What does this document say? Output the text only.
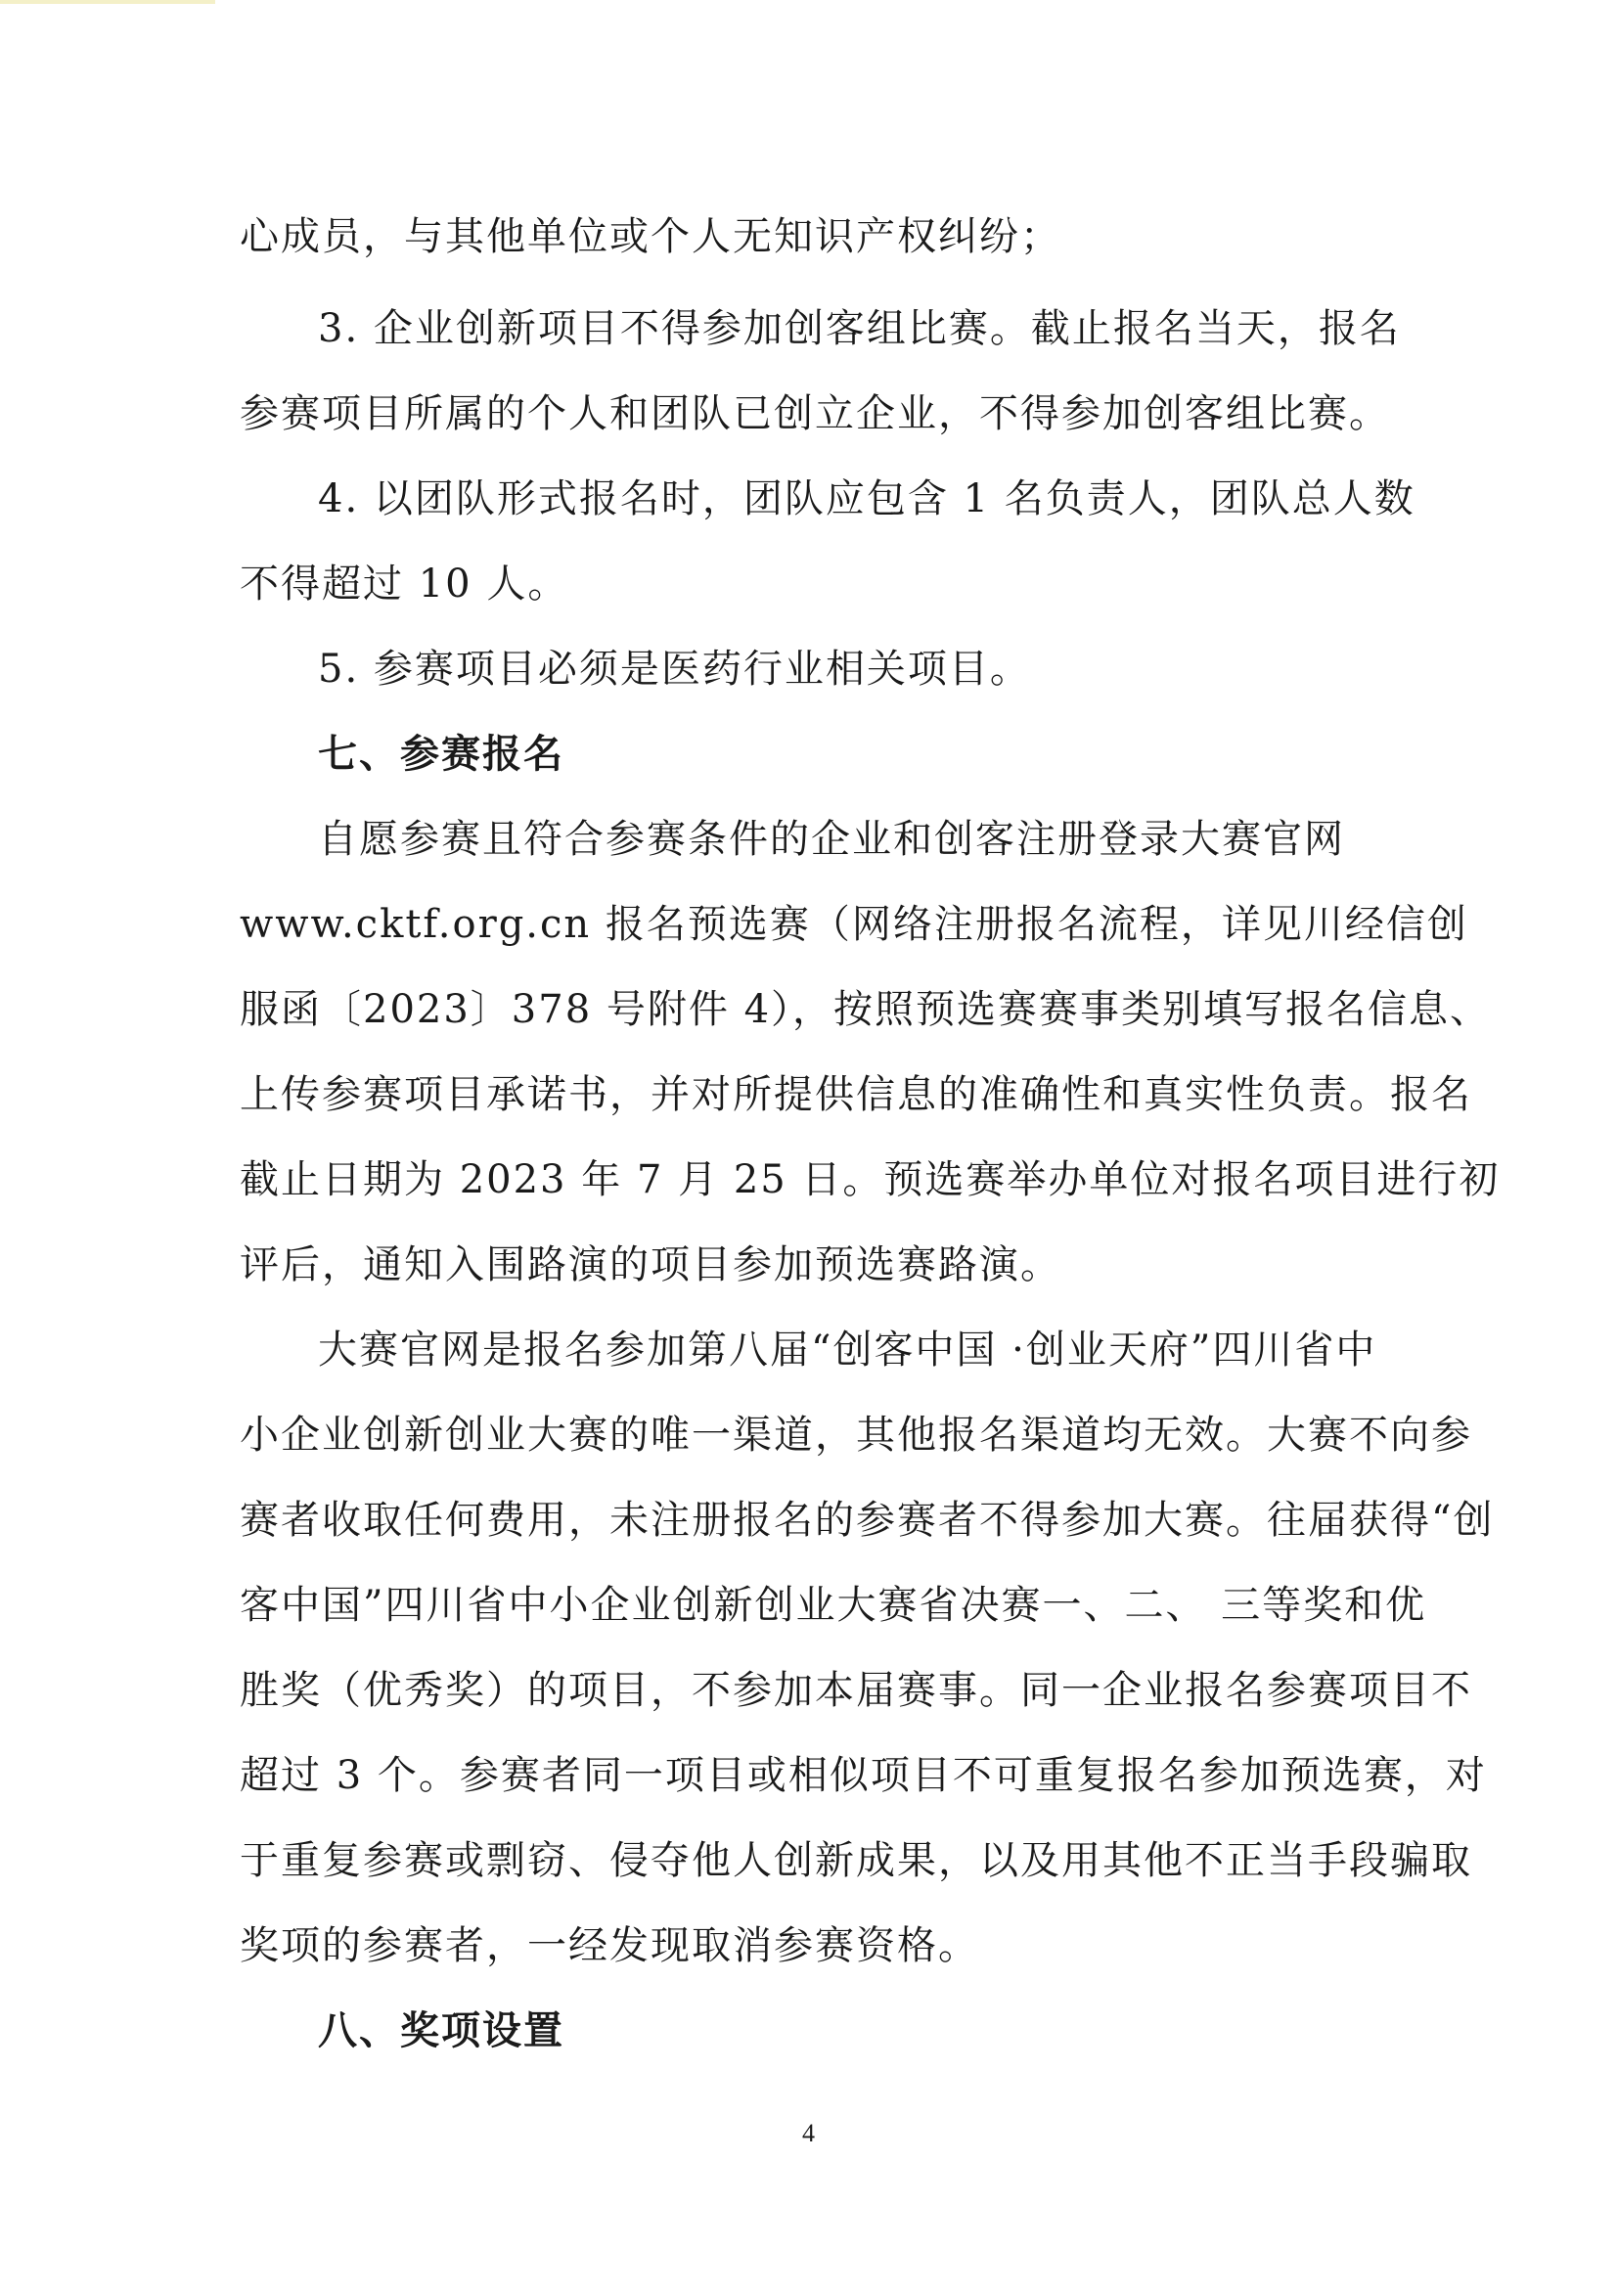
心成员，与其他单位或个人无知识产权纠纷；
3. 企业创新项目不得参加创客组比赛。截止报名当天，报名
参赛项目所属的个人和团队已创立企业，不得参加创客组比赛。
4. 以团队形式报名时，团队应包含 1 名负责人，团队总人数
不得超过 10 人。
5. 参赛项目必须是医药行业相关项目。
七、参赛报名
自愿参赛且符合参赛条件的企业和创客注册登录大赛官网
www.cktf.org.cn 报名预选赛（网络注册报名流程，详见川经信创
服函〔2023〕378 号附件 4），按照预选赛赛事类别填写报名信息、
上传参赛项目承诺书，并对所提供信息的准确性和真实性负责。报名
截止日期为 2023 年 7 月 25 日。预选赛举办单位对报名项目进行初
评后，通知入围路演的项目参加预选赛路演。
大赛官网是报名参加第八届“创客中国 ·创业天府”四川省中
小企业创新创业大赛的唯一渠道，其他报名渠道均无效。大赛不向参
赛者收取任何费用，未注册报名的参赛者不得参加大赛。往届获得“创
客中国”四川省中小企业创新创业大赛省决赛一、二、 三等奖和优
胜奖（优秀奖）的项目，不参加本届赛事。同一企业报名参赛项目不
超过 3 个。参赛者同一项目或相似项目不可重复报名参加预选赛，对
于重复参赛或剽窃、侵夺他人创新成果，以及用其他不正当手段骗取
奖项的参赛者，一经发现取消参赛资格。
八、奖项设置
4
